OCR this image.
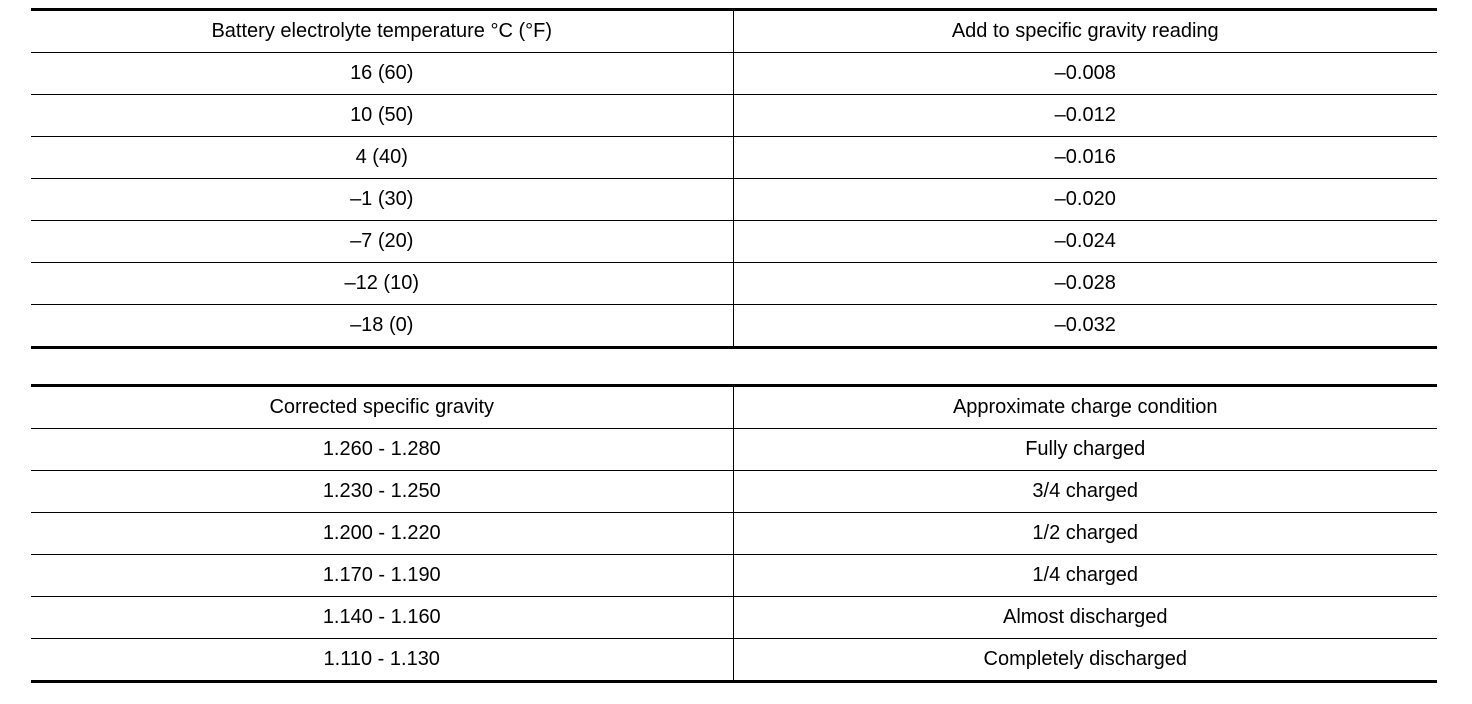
Battery electrolyte temperature °C (°F)	Add to specific gravity reading
16 (60)	–0.008
10 (50)	–0.012
4 (40)	–0.016
–1 (30)	–0.020
–7 (20)	–0.024
–12 (10)	–0.028
–18 (0)	–0.032
Corrected specific gravity	Approximate charge condition
1.260 - 1.280	Fully charged
1.230 - 1.250	3/4 charged
1.200 - 1.220	1/2 charged
1.170 - 1.190	1/4 charged
1.140 - 1.160	Almost discharged
1.110 - 1.130	Completely discharged
